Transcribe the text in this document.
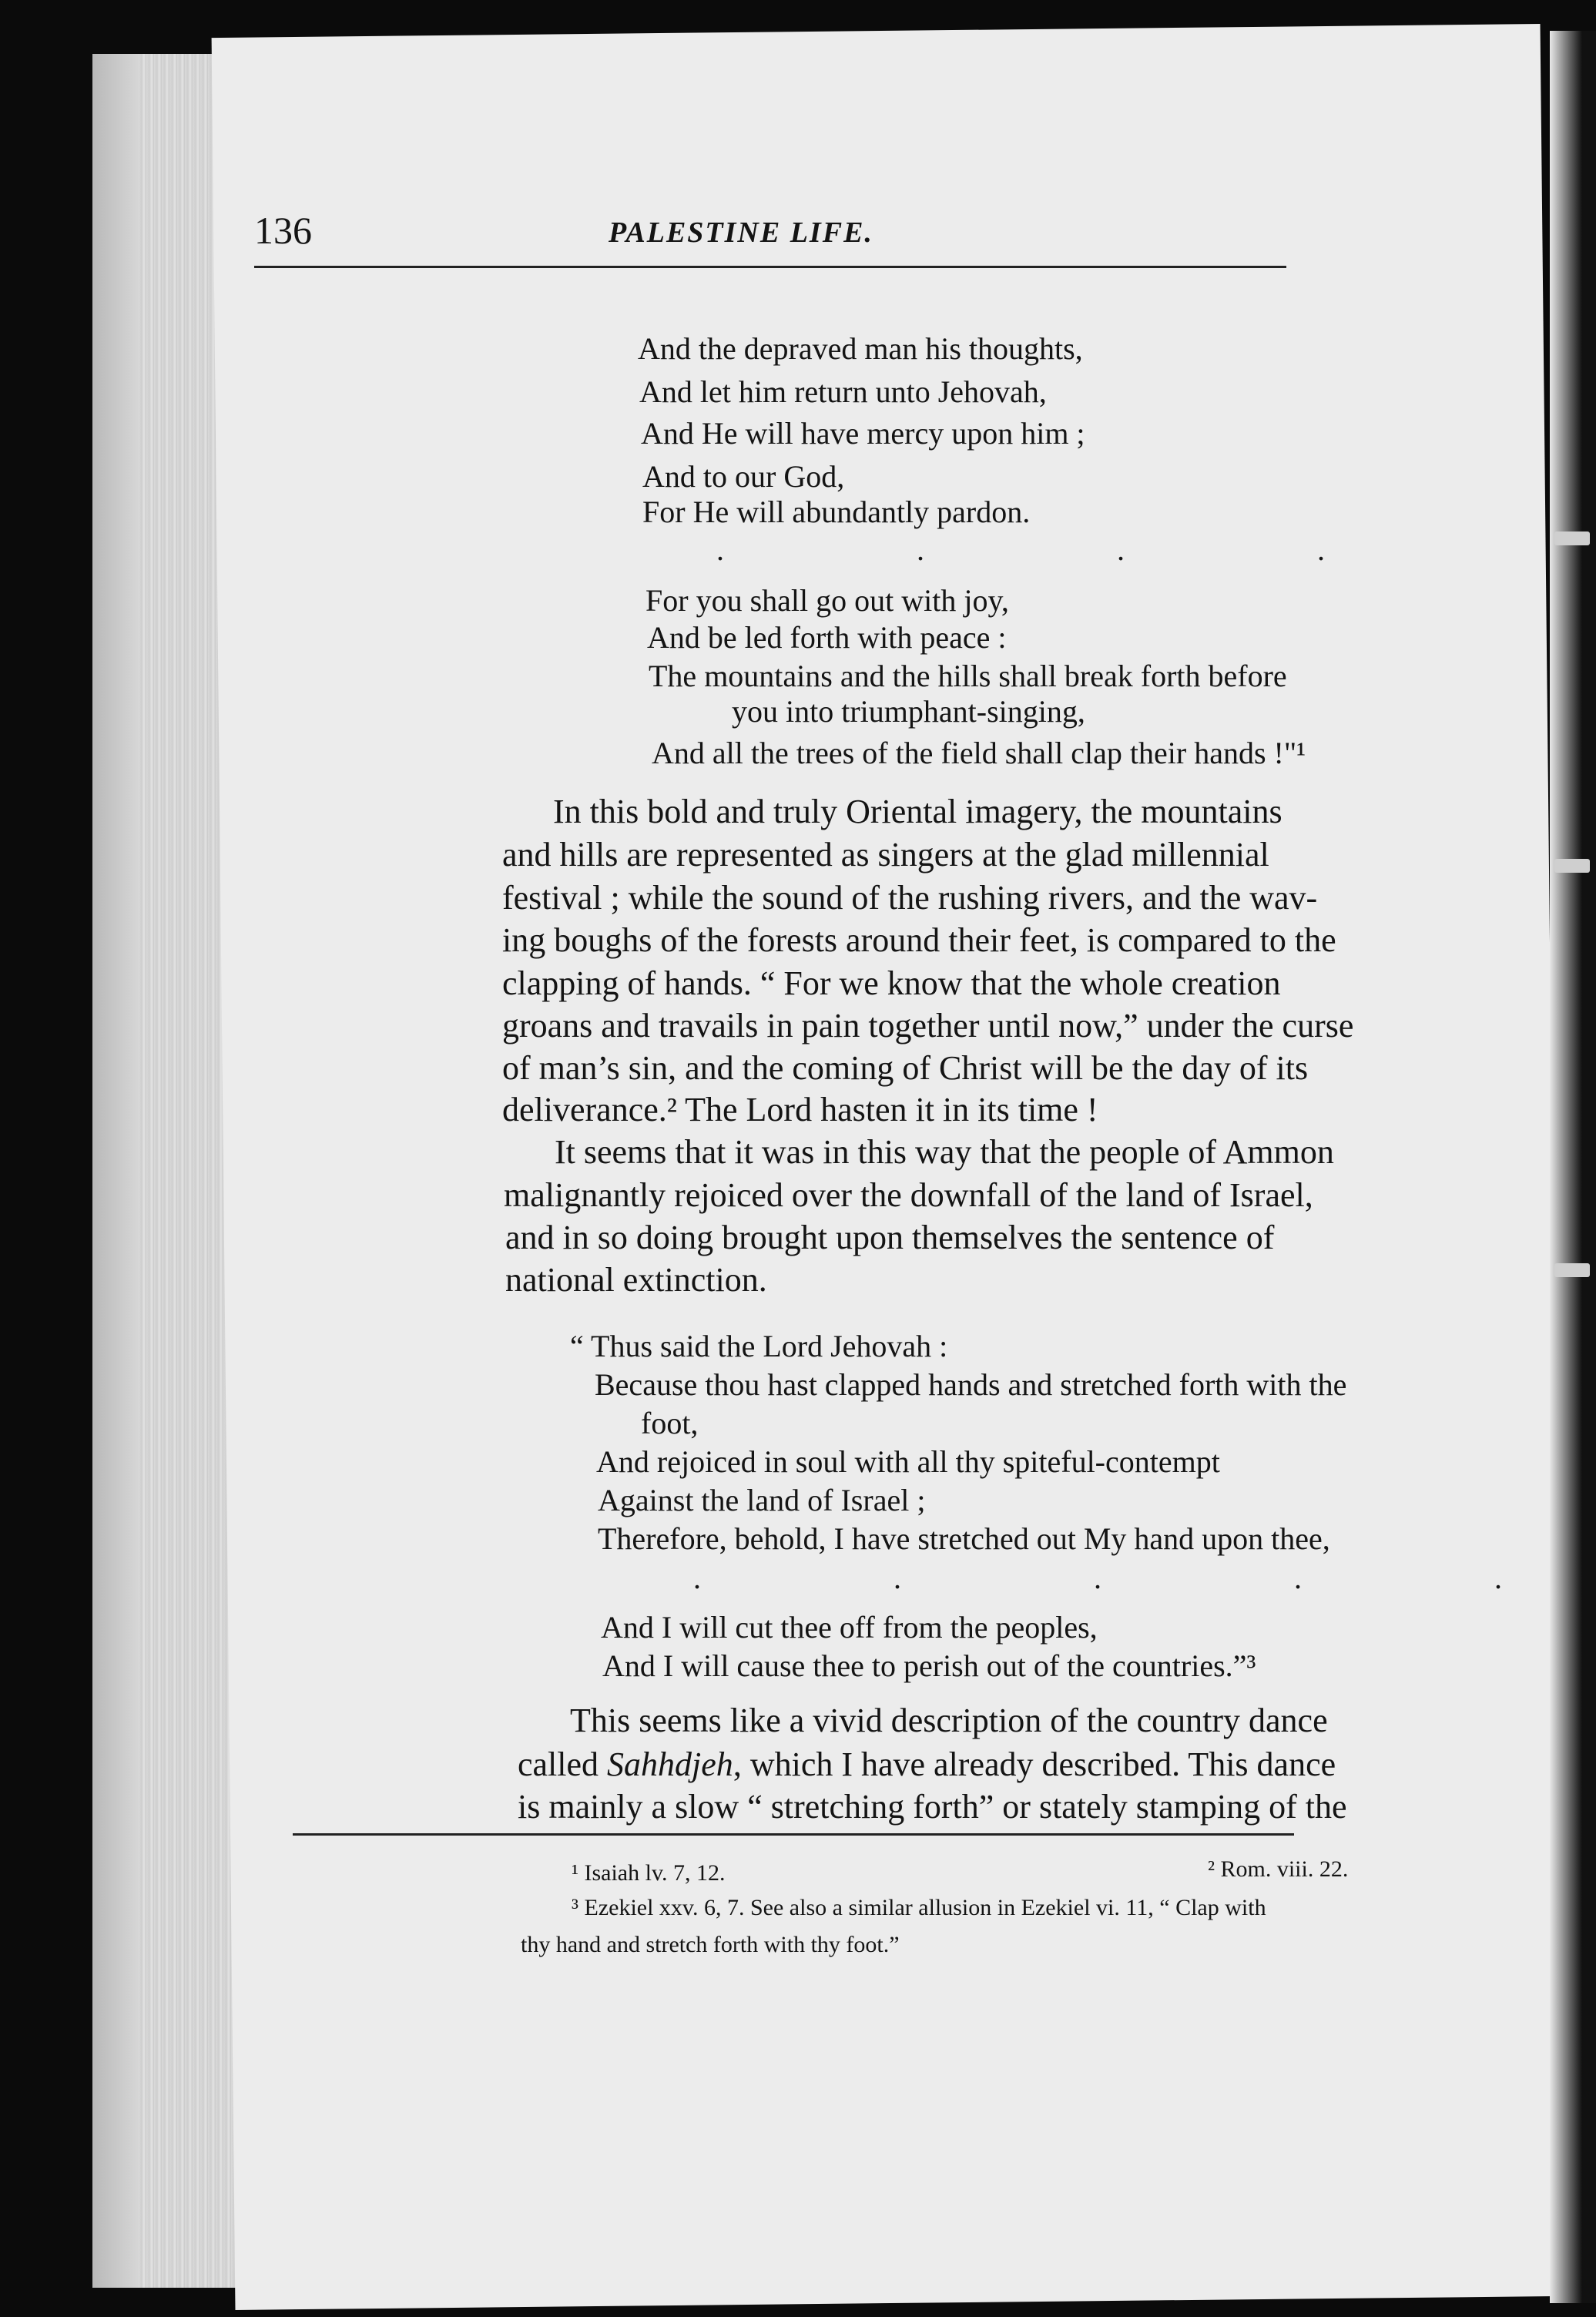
136	PALESTINE LIFE.
And the depraved man his thoughts,
And let him return unto Jehovah,
And He will have mercy upon him ;
And to our God,
For He will abundantly pardon.
. . . .
For you shall go out with joy,
And be led forth with peace :
The mountains and the hills shall break forth before
you into triumphant-singing,
And all the trees of the field shall clap their hands !"¹
In this bold and truly Oriental imagery, the mountains
and hills are represented as singers at the glad millennial
festival ; while the sound of the rushing rivers, and the wav-
ing boughs of the forests around their feet, is compared to the
clapping of hands. “ For we know that the whole creation
groans and travails in pain together until now,” under the curse
of man’s sin, and the coming of Christ will be the day of its
deliverance.² The Lord hasten it in its time !
It seems that it was in this way that the people of Ammon
malignantly rejoiced over the downfall of the land of Israel,
and in so doing brought upon themselves the sentence of
national extinction.
“ Thus said the Lord Jehovah :
Because thou hast clapped hands and stretched forth with the
foot,
And rejoiced in soul with all thy spiteful-contempt
Against the land of Israel ;
Therefore, behold, I have stretched out My hand upon thee,
. . . . .
And I will cut thee off from the peoples,
And I will cause thee to perish out of the countries.”³
This seems like a vivid description of the country dance
called Sahhdjeh, which I have already described. This dance
is mainly a slow “ stretching forth” or stately stamping of the
¹ Isaiah lv. 7, 12.	² Rom. viii. 22.
³ Ezekiel xxv. 6, 7. See also a similar allusion in Ezekiel vi. 11, “ Clap with
thy hand and stretch forth with thy foot.”
